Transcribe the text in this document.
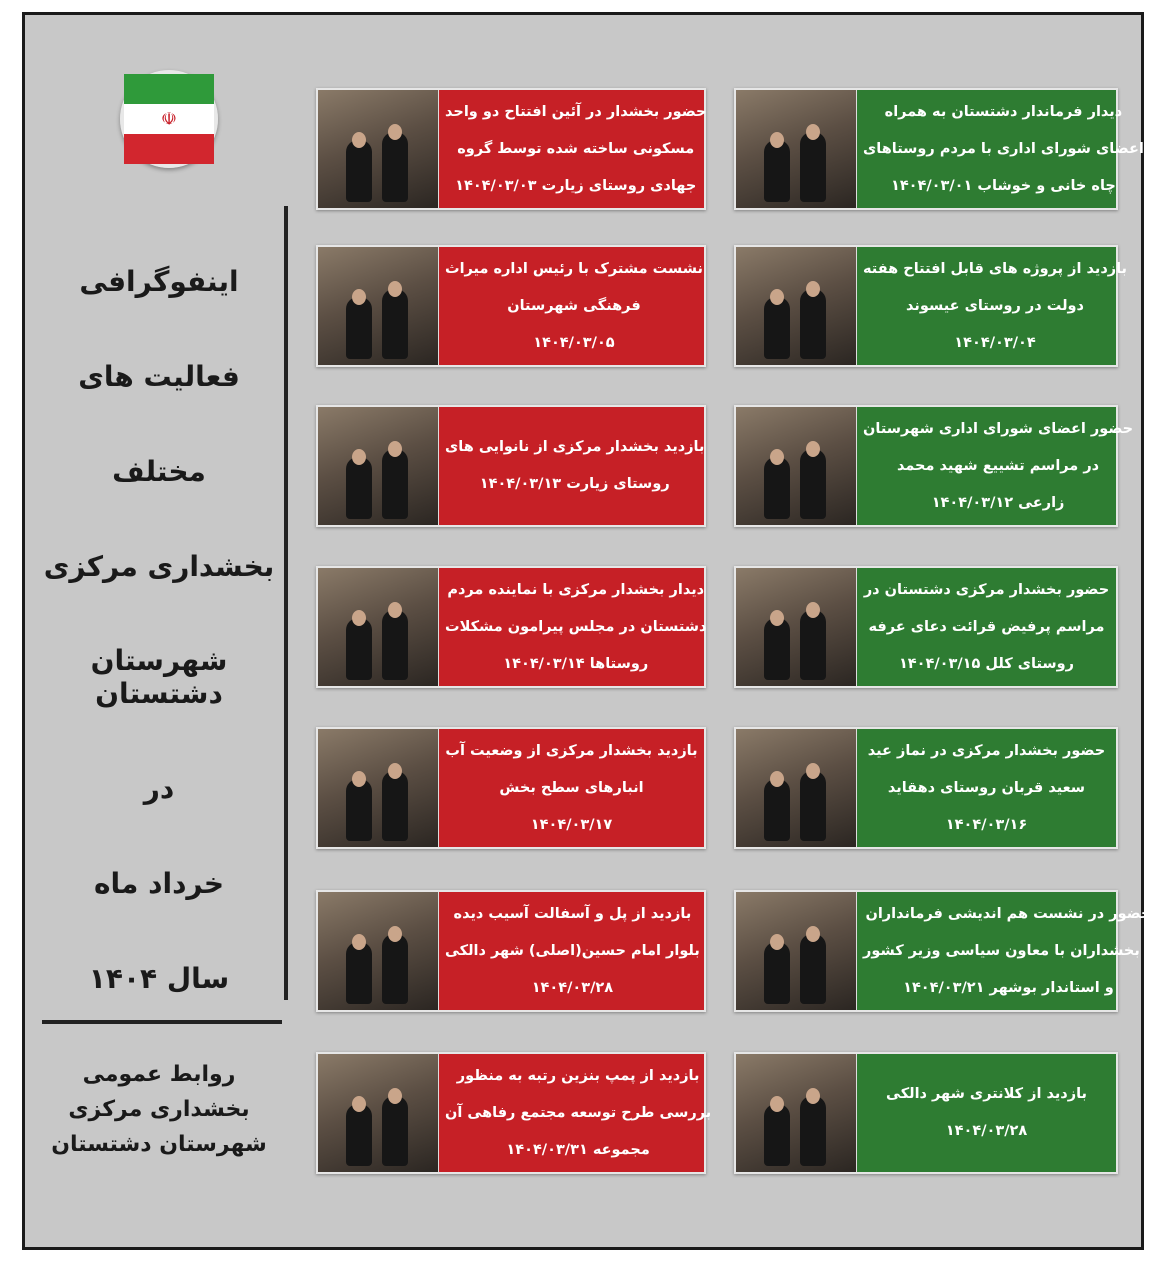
☫
اینفوگرافی
فعالیت های
مختلف
بخشداری مرکزی
شهرستان دشتستان
در
خرداد ماه
سال ۱۴۰۴
روابط عمومی
بخشداری مرکزی
شهرستان دشتستان
دیدار فرماندار دشتستان به همراه
اعضای شورای اداری با مردم روستاهای
چاه خانی و خوشاب ۱۴۰۴/۰۳/۰۱
حضور بخشدار در آئین افتتاح دو واحد
مسکونی ساخته شده توسط گروه
جهادی روستای زیارت ۱۴۰۴/۰۳/۰۳
بازدید از پروژه های قابل افتتاح هفته
دولت در روستای عیسوند
۱۴۰۴/۰۳/۰۴
نشست مشترک با رئیس اداره میراث
فرهنگی شهرستان
۱۴۰۴/۰۳/۰۵
حضور اعضای شورای اداری شهرستان
در مراسم تشییع شهید محمد
زارعی ۱۴۰۴/۰۳/۱۲
بازدید بخشدار مرکزی از نانوایی های
روستای زیارت ۱۴۰۴/۰۳/۱۳
حضور بخشدار مرکزی دشتستان در
مراسم پرفیض قرائت دعای عرفه
روستای کلل ۱۴۰۴/۰۳/۱۵
دیدار بخشدار مرکزی با نماینده مردم
دشتستان در مجلس پیرامون مشکلات
روستاها ۱۴۰۴/۰۳/۱۴
حضور بخشدار مرکزی در نماز عید
سعید قربان روستای دهقاید
۱۴۰۴/۰۳/۱۶
بازدید بخشدار مرکزی از وضعیت آب
انبارهای سطح بخش
۱۴۰۴/۰۳/۱۷
حضور در نشست هم اندیشی فرمانداران
و بخشداران با معاون سیاسی وزیر کشور
و استاندار بوشهر ۱۴۰۴/۰۳/۲۱
بازدید از پل و آسفالت آسیب دیده
بلوار امام حسین(اصلی) شهر دالکی
۱۴۰۴/۰۳/۲۸
بازدید از کلانتری شهر دالکی
۱۴۰۴/۰۳/۲۸
بازدید از پمپ بنزین رتبه به منظور
بررسی طرح توسعه مجتمع رفاهی آن
مجموعه ۱۴۰۴/۰۳/۳۱
